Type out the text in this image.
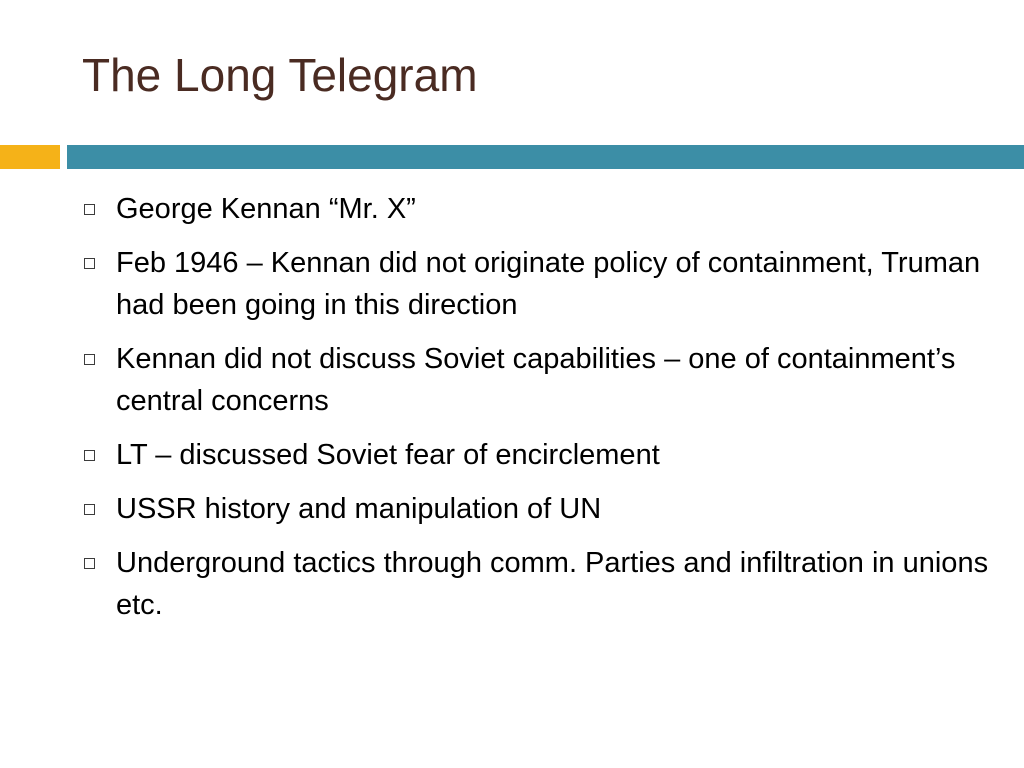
The Long Telegram
George Kennan “Mr. X”
Feb 1946 – Kennan did not originate policy of containment, Truman had been going in this direction
Kennan did not discuss Soviet capabilities – one of containment’s central concerns
LT – discussed Soviet fear of encirclement
USSR history and manipulation of UN
Underground tactics through comm. Parties and infiltration in unions etc.
